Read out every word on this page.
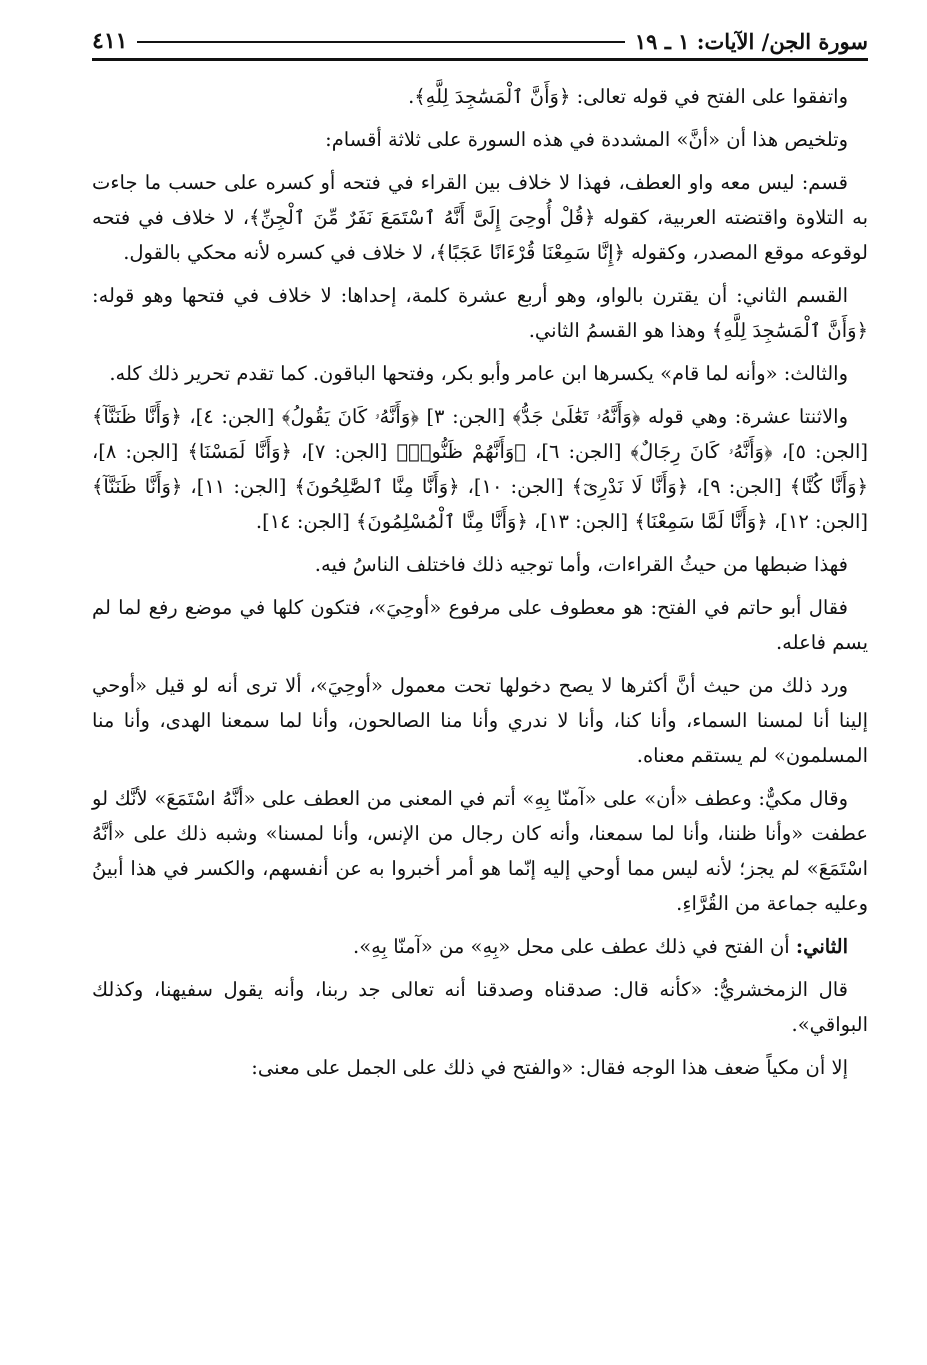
سورة الجن/ الآيات: ١ ـ ١٩
٤١١

واتفقوا على الفتح في قوله تعالى: ﴿وَأَنَّ ٱلْمَسَٰجِدَ لِلَّهِ﴾.

وتلخيص هذا أن «أنَّ» المشددة في هذه السورة على ثلاثة أقسام:

قسم: ليس معه واو العطف، فهذا لا خلاف بين القراء في فتحه أو كسره على حسب ما جاءت به التلاوة واقتضته العربية، كقوله ﴿قُلْ أُوحِىَ إِلَىَّ أَنَّهُ ٱسْتَمَعَ نَفَرٌ مِّنَ ٱلْجِنِّ﴾، لا خلاف في فتحه لوقوعه موقع المصدر، وكقوله ﴿إِنَّا سَمِعْنَا قُرْءَانًا عَجَبًا﴾، لا خلاف في كسره لأنه محكي بالقول.

القسم الثاني: أن يقترن بالواو، وهو أربع عشرة كلمة، إحداها: لا خلاف في فتحها وهو قوله: ﴿وَأَنَّ ٱلْمَسَٰجِدَ لِلَّهِ﴾ وهذا هو القسمُ الثاني.

والثالث: «وأنه لما قام» يكسرها ابن عامر وأبو بكر، وفتحها الباقون. كما تقدم تحرير ذلك كله.

والاثنتا عشرة: وهي قوله ﴿وَأَنَّهُۥ تَعَٰلَىٰ جَدُّ﴾ [الجن: ٣] ﴿وَأَنَّهُۥ كَانَ يَقُولُ﴾ [الجن: ٤]، ﴿وَأَنَّا ظَنَنَّآ﴾ [الجن: ٥]، ﴿وَأَنَّهُۥ كَانَ رِجَالٌ﴾ [الجن: ٦]، ﴿وَأَنَّهُمْ ظَنُّوا۟﴾ [الجن: ٧]، ﴿وَأَنَّا لَمَسْنَا﴾ [الجن: ٨]، ﴿وَأَنَّا كُنَّا﴾ [الجن: ٩]، ﴿وَأَنَّا لَا نَدْرِىٓ﴾ [الجن: ١٠]، ﴿وَأَنَّا مِنَّا ٱلصَّٰلِحُونَ﴾ [الجن: ١١]، ﴿وَأَنَّا ظَنَنَّآ﴾ [الجن: ١٢]، ﴿وَأَنَّا لَمَّا سَمِعْنَا﴾ [الجن: ١٣]، ﴿وَأَنَّا مِنَّا ٱلْمُسْلِمُونَ﴾ [الجن: ١٤].

فهذا ضبطها من حيثُ القراءات، وأما توجيه ذلك فاختلف الناسُ فيه.

فقال أبو حاتم في الفتح: هو معطوف على مرفوع «أوحِيَ»، فتكون كلها في موضع رفع لما لم يسم فاعله.

ورد ذلك من حيث أنَّ أكثرها لا يصح دخولها تحت معمول «أوحِيَ»، ألا ترى أنه لو قيل «أوحي إلينا أنا لمسنا السماء، وأنا كنا، وأنا لا ندري وأنا منا الصالحون، وأنا لما سمعنا الهدى، وأنا منا المسلمون» لم يستقم معناه.

وقال مكيٌّ: وعطف «أن» على «آمنّا بِهِ» أتم في المعنى من العطف على «أنَّهُ اسْتَمَعَ» لأنَّك لو عطفت «وأنا ظننا، وأنا لما سمعنا، وأنه كان رجال من الإنس، وأنا لمسنا» وشبه ذلك على «أنَّهُ اسْتَمَعَ» لم يجز؛ لأنه ليس مما أوحي إليه إنّما هو أمر أخبروا به عن أنفسهم، والكسر في هذا أبينُ وعليه جماعة من القُرَّاءِ.

الثاني: أن الفتح في ذلك عطف على محل «بِهِ» من «آمنّا بِهِ».

قال الزمخشريُّ: «كأنه قال: صدقناه وصدقنا أنه تعالى جد ربنا، وأنه يقول سفيهنا، وكذلك البواقي».

إلا أن مكياً ضعف هذا الوجه فقال: «والفتح في ذلك على الجمل على معنى:
